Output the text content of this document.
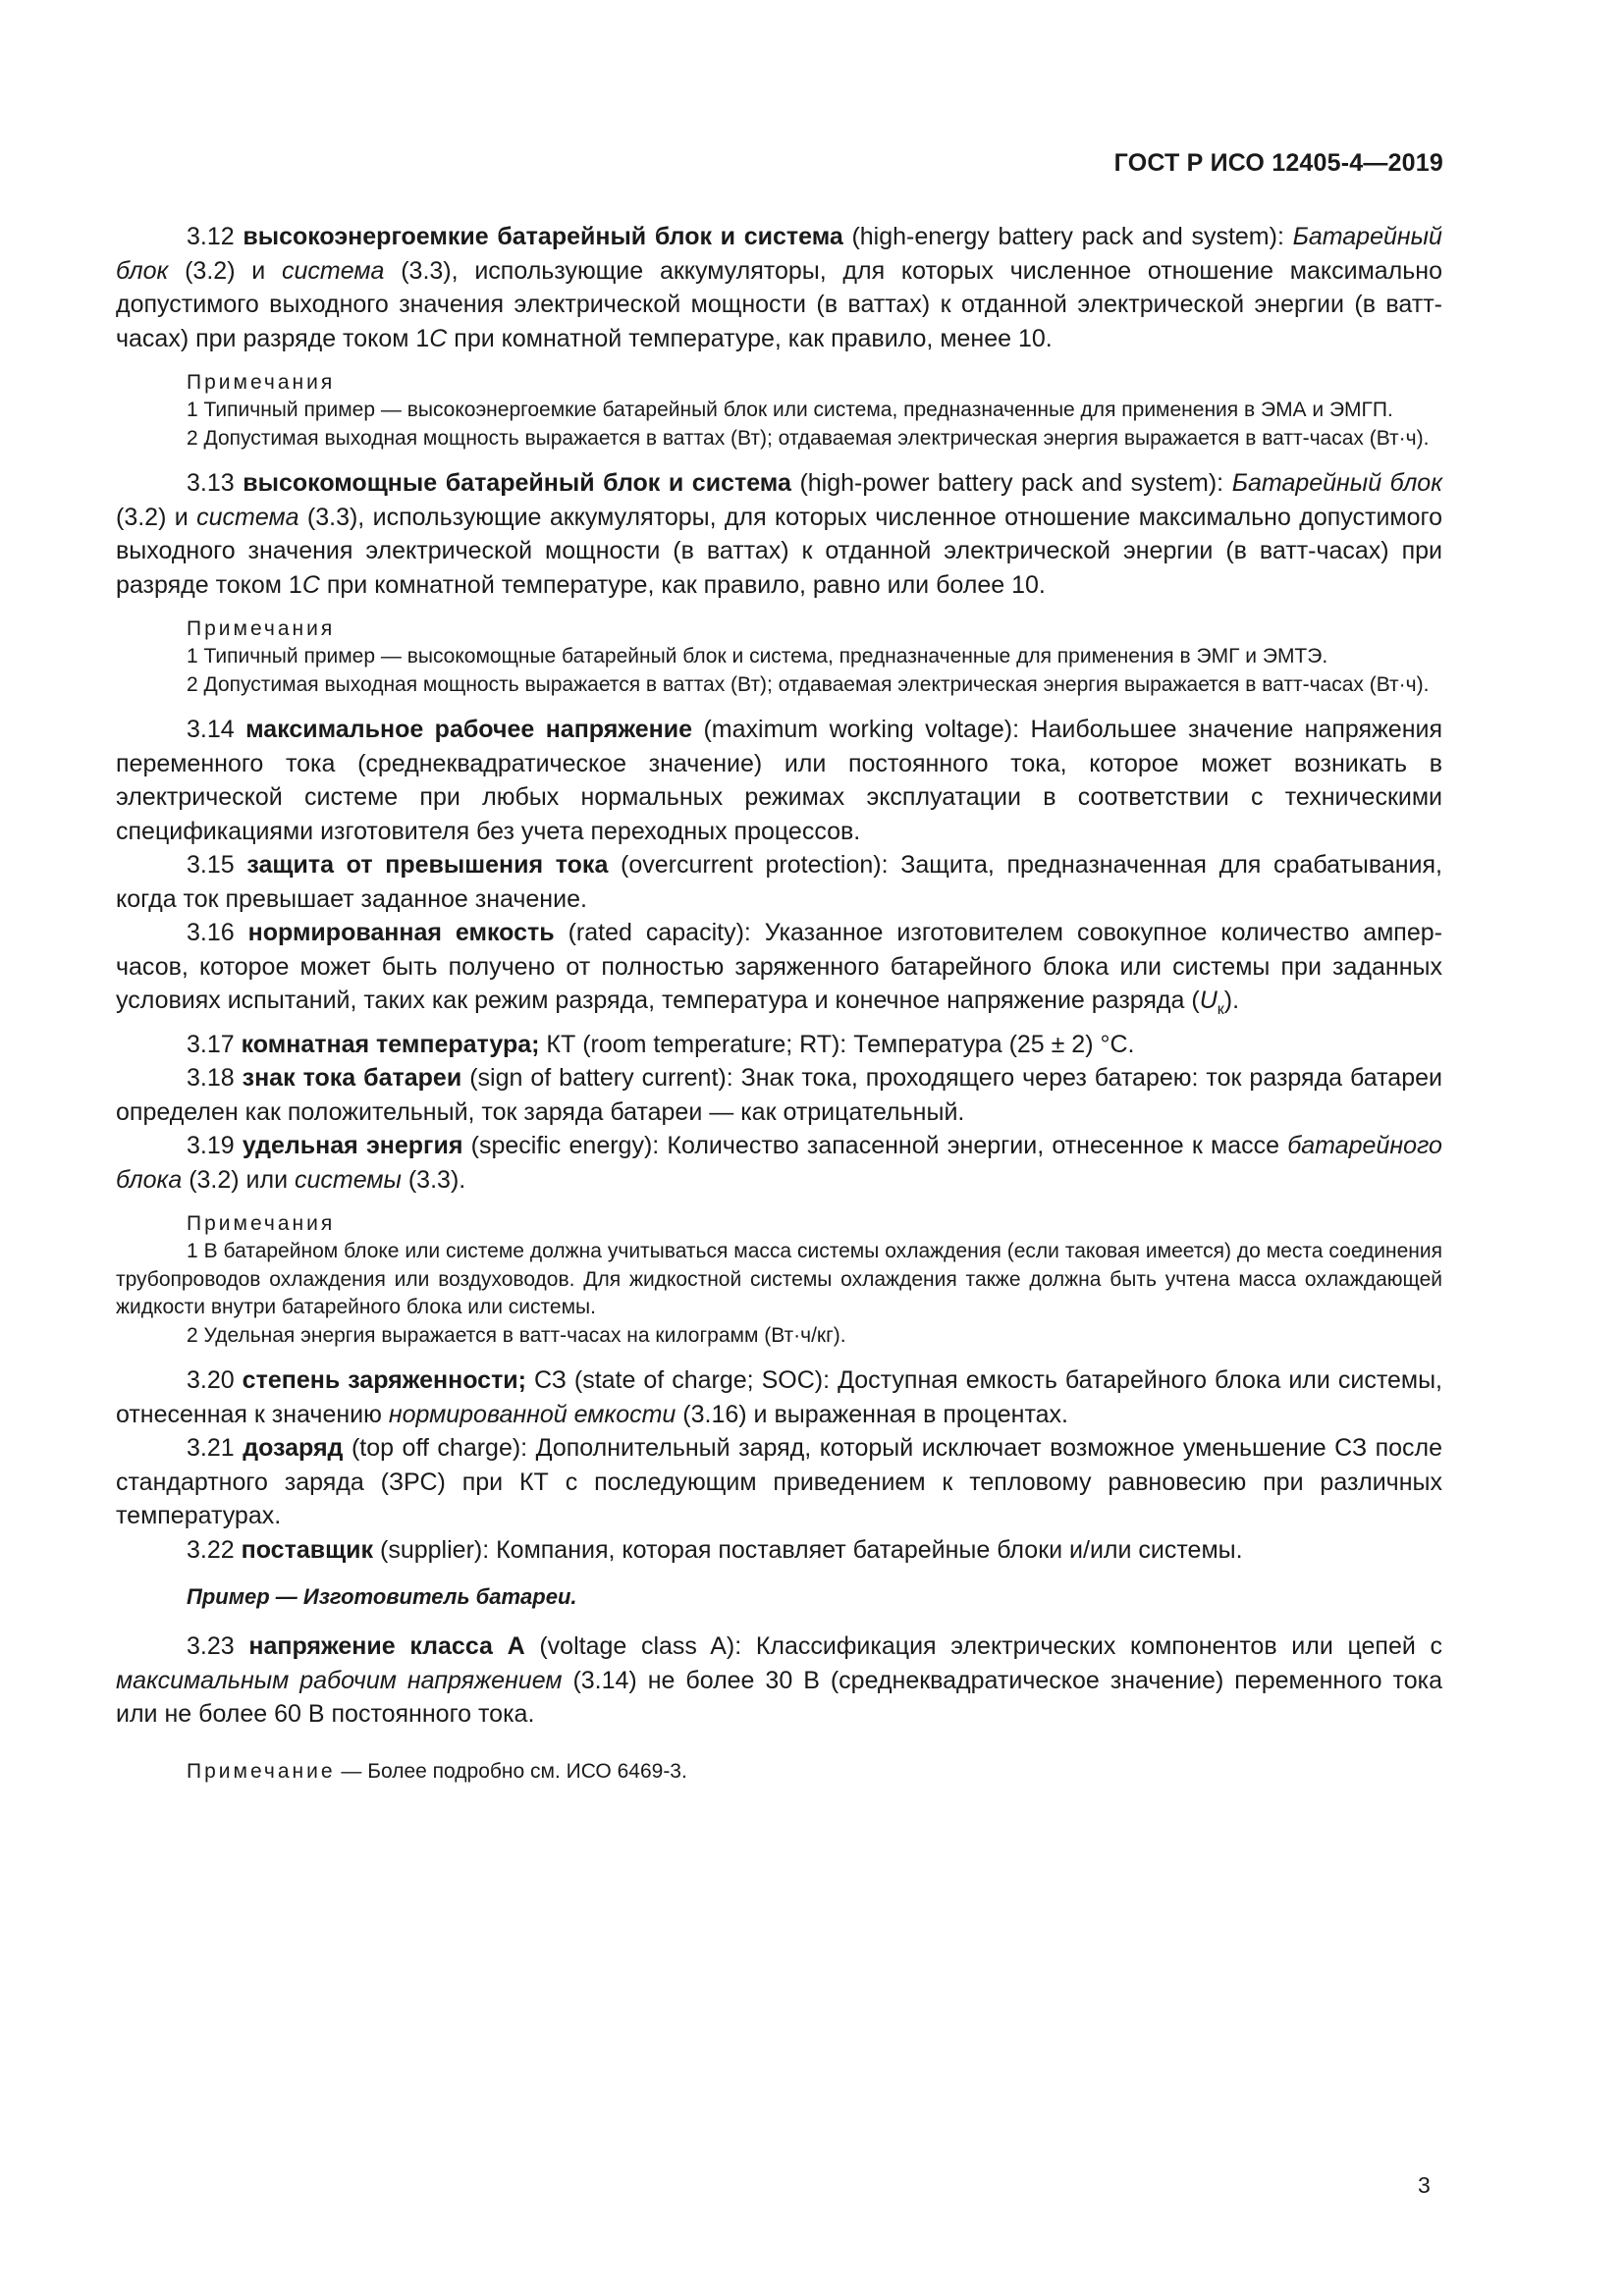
ГОСТ Р ИСО 12405-4—2019

3.12 высокоэнергоемкие батарейный блок и система (high-energy battery pack and system): Батарейный блок (3.2) и система (3.3), использующие аккумуляторы, для которых численное отношение максимально допустимого выходного значения электрической мощности (в ваттах) к отданной электрической энергии (в ватт-часах) при разряде током 1C при комнатной температуре, как правило, менее 10.

Примечания

1 Типичный пример — высокоэнергоемкие батарейный блок или система, предназначенные для применения в ЭМА и ЭМГП.

2 Допустимая выходная мощность выражается в ваттах (Вт); отдаваемая электрическая энергия выражается в ватт-часах (Вт·ч).

3.13 высокомощные батарейный блок и система (high-power battery pack and system): Батарейный блок (3.2) и система (3.3), использующие аккумуляторы, для которых численное отношение максимально допустимого выходного значения электрической мощности (в ваттах) к отданной электрической энергии (в ватт-часах) при разряде током 1C при комнатной температуре, как правило, равно или более 10.

Примечания

1 Типичный пример — высокомощные батарейный блок и система, предназначенные для применения в ЭМГ и ЭМТЭ.

2 Допустимая выходная мощность выражается в ваттах (Вт); отдаваемая электрическая энергия выражается в ватт-часах (Вт·ч).

3.14 максимальное рабочее напряжение (maximum working voltage): Наибольшее значение напряжения переменного тока (среднеквадратическое значение) или постоянного тока, которое может возникать в электрической системе при любых нормальных режимах эксплуатации в соответствии с техническими спецификациями изготовителя без учета переходных процессов.

3.15 защита от превышения тока (overcurrent protection): Защита, предназначенная для срабатывания, когда ток превышает заданное значение.

3.16 нормированная емкость (rated capacity): Указанное изготовителем совокупное количество ампер-часов, которое может быть получено от полностью заряженного батарейного блока или системы при заданных условиях испытаний, таких как режим разряда, температура и конечное напряжение разряда $(U_к)$.

3.17 комнатная температура; КТ (room temperature; RT): Температура (25 ± 2) °C.

3.18 знак тока батареи (sign of battery current): Знак тока, проходящего через батарею: ток разряда батареи определен как положительный, ток заряда батареи — как отрицательный.

3.19 удельная энергия (specific energy): Количество запасенной энергии, отнесенное к массе батарейного блока (3.2) или системы (3.3).

Примечания

1 В батарейном блоке или системе должна учитываться масса системы охлаждения (если таковая имеется) до места соединения трубопроводов охлаждения или воздуховодов. Для жидкостной системы охлаждения также должна быть учтена масса охлаждающей жидкости внутри батарейного блока или системы.

2 Удельная энергия выражается в ватт-часах на килограмм (Вт·ч/кг).

3.20 степень заряженности; СЗ (state of charge; SOC): Доступная емкость батарейного блока или системы, отнесенная к значению нормированной емкости (3.16) и выраженная в процентах.

3.21 дозаряд (top off charge): Дополнительный заряд, который исключает возможное уменьшение СЗ после стандартного заряда (ЗРС) при КТ с последующим приведением к тепловому равновесию при различных температурах.

3.22 поставщик (supplier): Компания, которая поставляет батарейные блоки и/или системы.

Пример — Изготовитель батареи.

3.23 напряжение класса A (voltage class A): Классификация электрических компонентов или цепей с максимальным рабочим напряжением (3.14) не более 30 В (среднеквадратическое значение) переменного тока или не более 60 В постоянного тока.

Примечание — Более подробно см. ИСО 6469-3.
3
